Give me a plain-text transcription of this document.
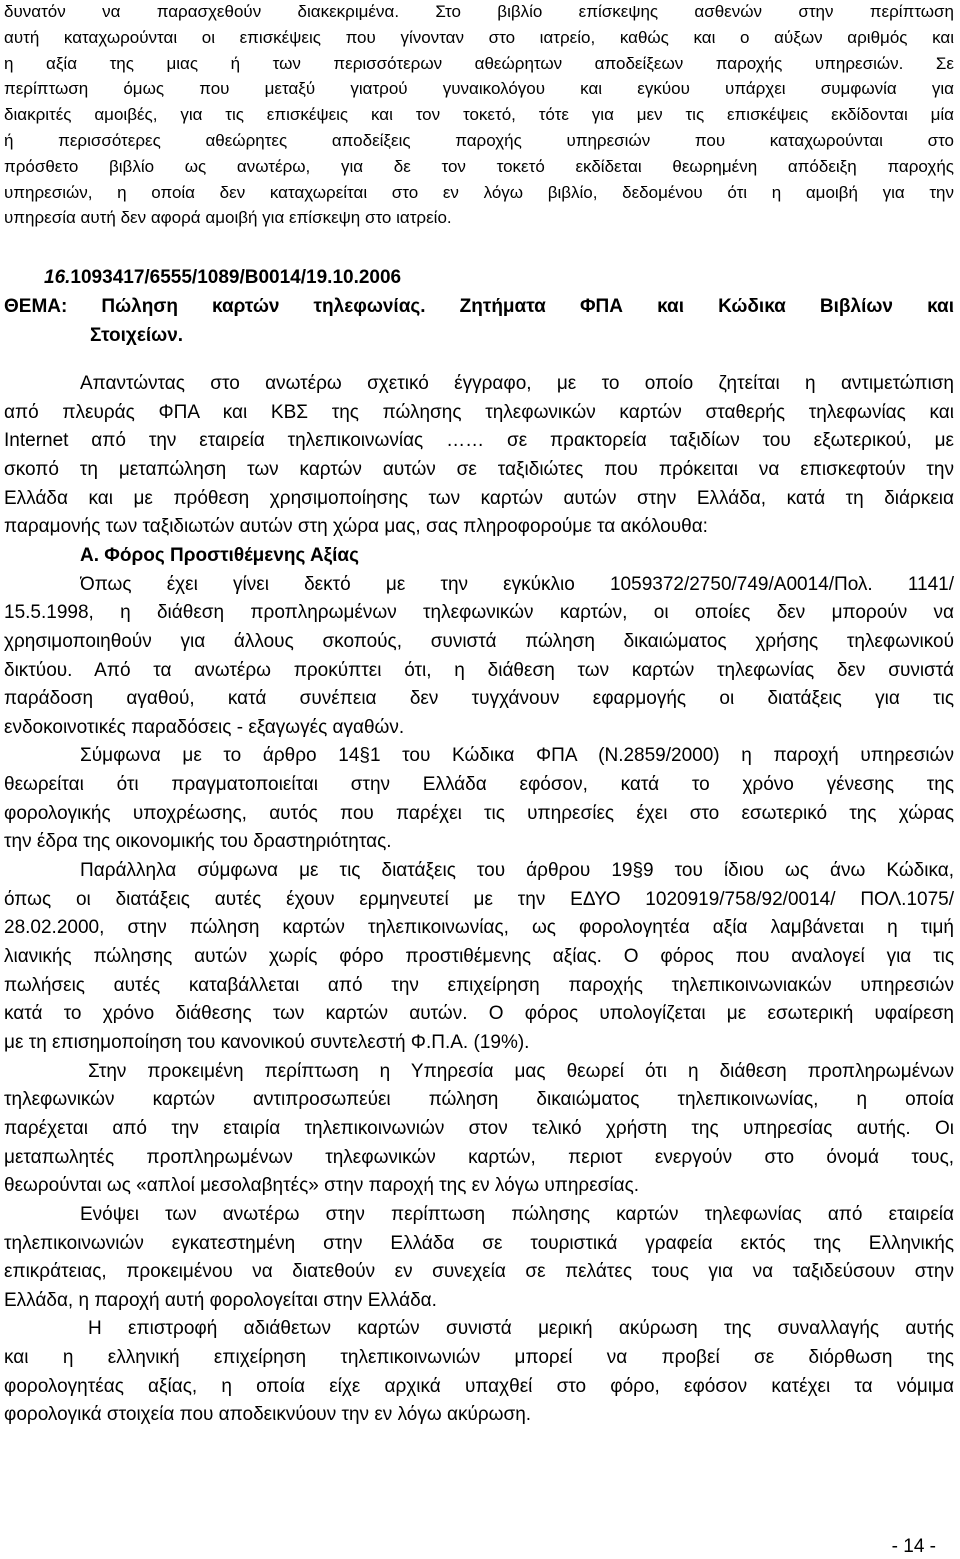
δυνατόν να παρασχεθούν διακεκριμένα. Στο βιβλίο επίσκεψης ασθενών στην περίπτωση
αυτή καταχωρούνται οι επισκέψεις που γίνονταν στο ιατρείο, καθώς και ο αύξων αριθμός και
η αξία της μιας ή των περισσότερων αθεώρητων αποδείξεων παροχής υπηρεσιών. Σε
περίπτωση όμως που μεταξύ γιατρού γυναικολόγου και εγκύου υπάρχει συμφωνία για
διακριτές αμοιβές, για τις επισκέψεις και τον τοκετό, τότε για μεν τις επισκέψεις εκδίδονται μία
ή περισσότερες αθεώρητες αποδείξεις παροχής υπηρεσιών που καταχωρούνται στο
πρόσθετο βιβλίο ως ανωτέρω, για δε τον τοκετό εκδίδεται θεωρημένη απόδειξη παροχής
υπηρεσιών, η οποία δεν καταχωρείται στο εν λόγω βιβλίο, δεδομένου ότι η αμοιβή για την
υπηρεσία αυτή δεν αφορά αμοιβή για επίσκεψη στο ιατρείο.
16.1093417/6555/1089/Β0014/19.10.2006
ΘΕΜΑ: Πώληση καρτών τηλεφωνίας. Ζητήματα ΦΠΑ και Κώδικα Βιβλίων και
Στοιχείων.
Απαντώντας στο ανωτέρω σχετικό έγγραφο, με το οποίο ζητείται η αντιμετώπιση
από πλευράς ΦΠΑ και ΚΒΣ της πώλησης τηλεφωνικών καρτών σταθερής τηλεφωνίας και
Internet από την εταιρεία τηλεπικοινωνίας …… σε πρακτορεία ταξιδίων του εξωτερικού, με
σκοπό τη μεταπώληση των καρτών αυτών σε ταξιδιώτες που πρόκειται να επισκεφτούν την
Ελλάδα και με πρόθεση χρησιμοποίησης των καρτών αυτών στην Ελλάδα, κατά τη διάρκεια
παραμονής των ταξιδιωτών αυτών στη χώρα μας, σας πληροφορούμε τα ακόλουθα:
Α. Φόρος Προστιθέμενης Αξίας
Όπως έχει γίνει δεκτό με την εγκύκλιο 1059372/2750/749/Α0014/Πολ. 1141/
15.5.1998, η διάθεση προπληρωμένων τηλεφωνικών καρτών, οι οποίες δεν μπορούν να
χρησιμοποιηθούν για άλλους σκοπούς, συνιστά πώληση δικαιώματος χρήσης τηλεφωνικού
δικτύου. Από τα ανωτέρω προκύπτει ότι, η διάθεση των καρτών τηλεφωνίας δεν συνιστά
παράδοση αγαθού, κατά συνέπεια δεν τυγχάνουν εφαρμογής οι διατάξεις για τις
ενδοκοινοτικές παραδόσεις - εξαγωγές αγαθών.
Σύμφωνα με το άρθρο 14§1 του Κώδικα ΦΠΑ (Ν.2859/2000) η παροχή υπηρεσιών
θεωρείται ότι πραγματοποιείται στην Ελλάδα εφόσον, κατά το χρόνο γένεσης της
φορολογικής υποχρέωσης, αυτός που παρέχει τις υπηρεσίες έχει στο εσωτερικό της χώρας
την έδρα της οικονομικής του δραστηριότητας.
Παράλληλα σύμφωνα με τις διατάξεις του άρθρου 19§9 του ίδιου ως άνω Κώδικα,
όπως οι διατάξεις αυτές έχουν ερμηνευτεί με την ΕΔΥΟ 1020919/758/92/0014/ ΠΟΛ.1075/
28.02.2000, στην πώληση καρτών τηλεπικοινωνίας, ως φορολογητέα αξία λαμβάνεται η τιμή
λιανικής πώλησης αυτών χωρίς φόρο προστιθέμενης αξίας. Ο φόρος που αναλογεί για τις
πωλήσεις αυτές καταβάλλεται από την επιχείρηση παροχής τηλεπικοινωνιακών υπηρεσιών
κατά το χρόνο διάθεσης των καρτών αυτών. Ο φόρος υπολογίζεται με εσωτερική υφαίρεση
με τη επισημοποίηση του κανονικού συντελεστή Φ.Π.Α. (19%).
Στην προκειμένη περίπτωση η Υπηρεσία μας θεωρεί ότι η διάθεση προπληρωμένων
τηλεφωνικών καρτών αντιπροσωπεύει πώληση δικαιώματος τηλεπικοινωνίας, η οποία
παρέχεται από την εταιρία τηλεπικοινωνιών στον τελικό χρήστη της υπηρεσίας αυτής. Οι
μεταπωλητές προπληρωμένων τηλεφωνικών καρτών, περιοτ ενεργούν στο όνομά τους,
θεωρούνται ως «απλοί μεσολαβητές» στην παροχή της εν λόγω υπηρεσίας.
Ενόψει των ανωτέρω στην περίπτωση πώλησης καρτών τηλεφωνίας από εταιρεία
τηλεπικοινωνιών εγκατεστημένη στην Ελλάδα σε τουριστικά γραφεία εκτός της Ελληνικής
επικράτειας, προκειμένου να διατεθούν εν συνεχεία σε πελάτες τους για να ταξιδεύσουν στην
Ελλάδα, η παροχή αυτή φορολογείται στην Ελλάδα.
Η επιστροφή αδιάθετων καρτών συνιστά μερική ακύρωση της συναλλαγής αυτής
και η ελληνική επιχείρηση τηλεπικοινωνιών μπορεί να προβεί σε διόρθωση της
φορολογητέας αξίας, η οποία είχε αρχικά υπαχθεί στο φόρο, εφόσον κατέχει τα νόμιμα
φορολογικά στοιχεία που αποδεικνύουν την εν λόγω ακύρωση.
- 14 -
